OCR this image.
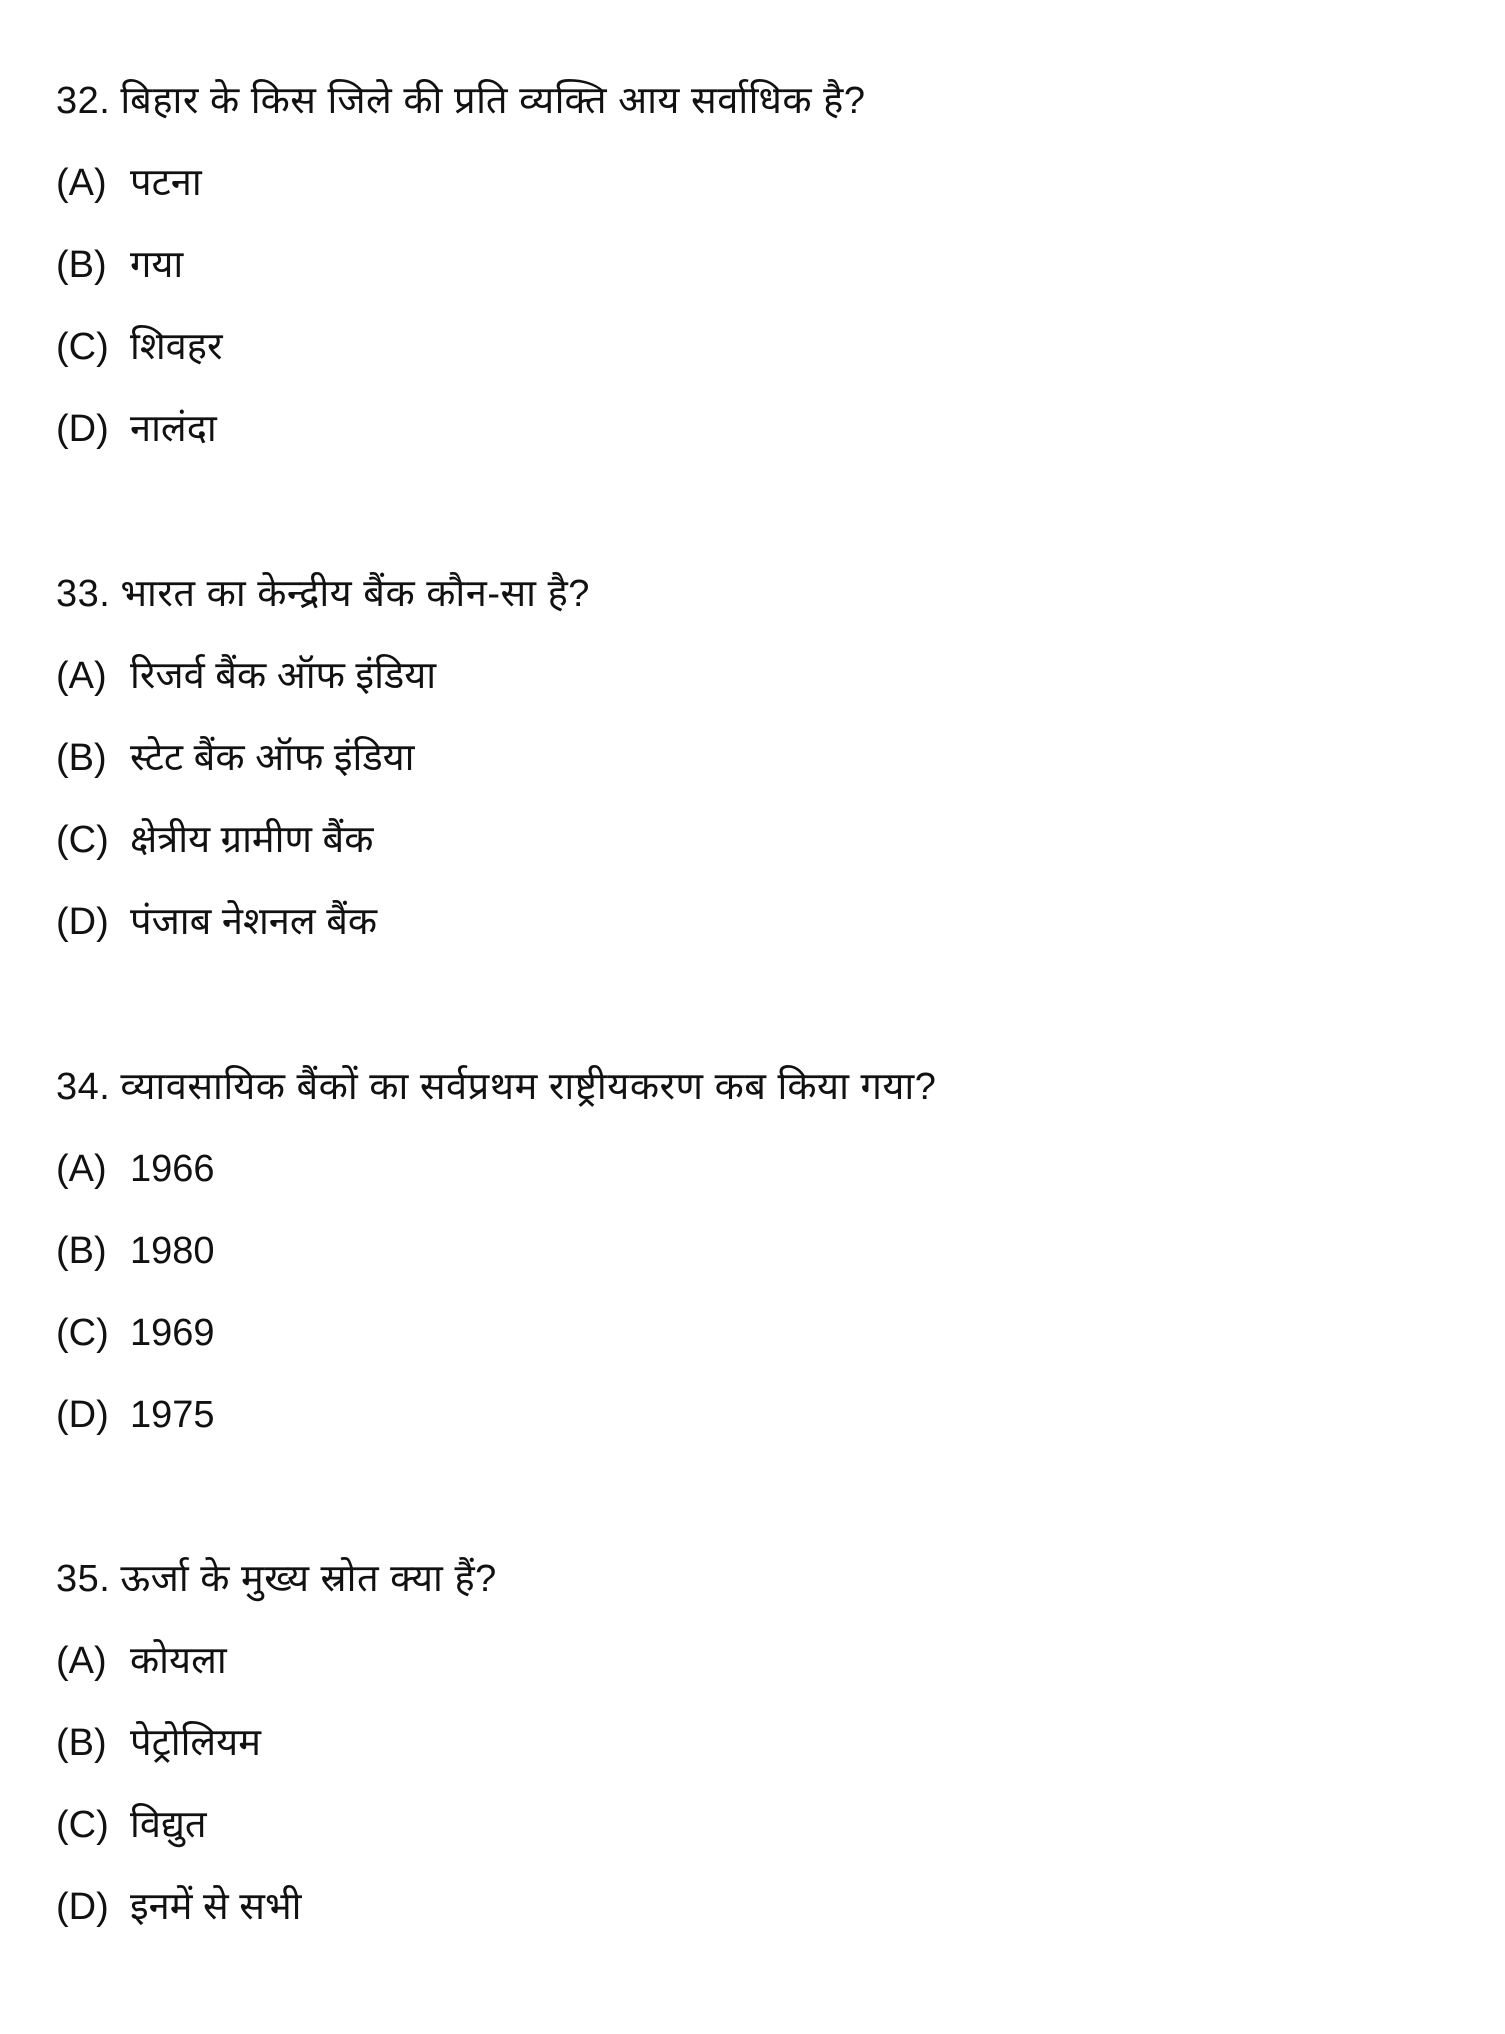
32. बिहार के किस जिले की प्रति व्यक्ति आय सर्वाधिक है?
(A) पटना
(B) गया
(C) शिवहर
(D) नालंदा
33. भारत का केन्द्रीय बैंक कौन-सा है?
(A) रिजर्व बैंक ऑफ इंडिया
(B) स्टेट बैंक ऑफ इंडिया
(C) क्षेत्रीय ग्रामीण बैंक
(D) पंजाब नेशनल बैंक
34. व्यावसायिक बैंकों का सर्वप्रथम राष्ट्रीयकरण कब किया गया?
(A) 1966
(B) 1980
(C) 1969
(D) 1975
35. ऊर्जा के मुख्य स्रोत क्या हैं?
(A) कोयला
(B) पेट्रोलियम
(C) विद्युत
(D) इनमें से सभी
